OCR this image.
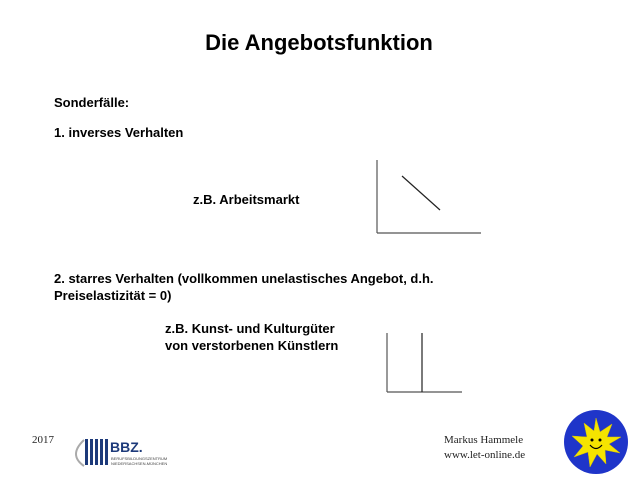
Die Angebotsfunktion
Sonderfälle:
1. inverses Verhalten
z.B. Arbeitsmarkt
2. starres Verhalten (vollkommen unelastisches Angebot, d.h.
Preiselastizität = 0)
z.B. Kunst- und Kulturgüter
von verstorbenen Künstlern
BBZ.
BERUFSBILDUNGSZENTRUM
NIEDERSACHSEN-MÜNCHEN
2017	Markus Hammele
www.let-online.de
